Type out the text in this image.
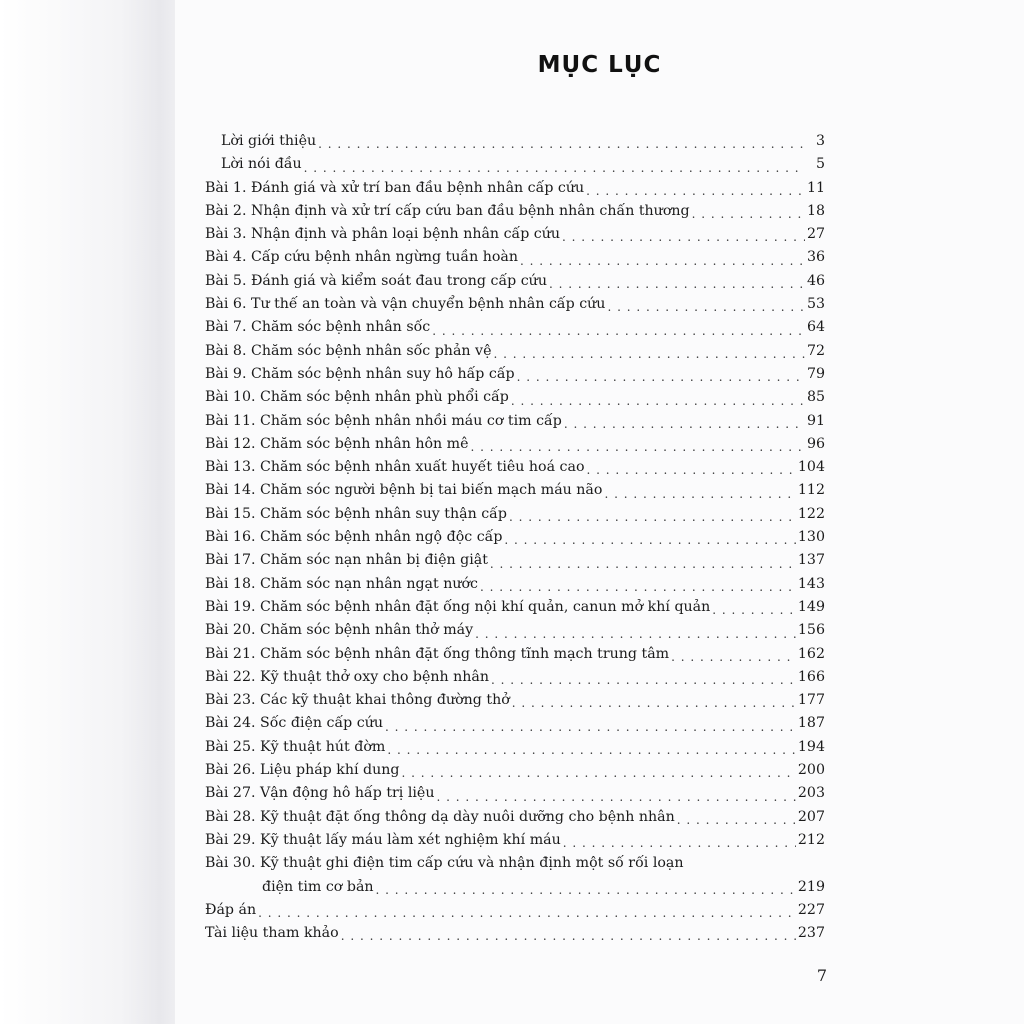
MỤC LỤC
Lời giới thiệu . . .	3
Lời nói đầu . . .	5
Bài 1. Đánh giá và xử trí ban đầu bệnh nhân cấp cứu . . .	11
Bài 2. Nhận định và xử trí cấp cứu ban đầu bệnh nhân chấn thương . . .	18
Bài 3. Nhận định và phân loại bệnh nhân cấp cứu . . .	27
Bài 4. Cấp cứu bệnh nhân ngừng tuần hoàn . . .	36
Bài 5. Đánh giá và kiểm soát đau trong cấp cứu . . .	46
Bài 6. Tư thế an toàn và vận chuyển bệnh nhân cấp cứu . . .	53
Bài 7. Chăm sóc bệnh nhân sốc . . .	64
Bài 8. Chăm sóc bệnh nhân sốc phản vệ . . .	72
Bài 9. Chăm sóc bệnh nhân suy hô hấp cấp . . .	79
Bài 10. Chăm sóc bệnh nhân phù phổi cấp . . .	85
Bài 11. Chăm sóc bệnh nhân nhồi máu cơ tim cấp . . .	91
Bài 12. Chăm sóc bệnh nhân hôn mê . . .	96
Bài 13. Chăm sóc bệnh nhân xuất huyết tiêu hoá cao . . .	104
Bài 14. Chăm sóc người bệnh bị tai biến mạch máu não . . .	112
Bài 15. Chăm sóc bệnh nhân suy thận cấp . . .	122
Bài 16. Chăm sóc bệnh nhân ngộ độc cấp . . .	130
Bài 17. Chăm sóc nạn nhân bị điện giật . . .	137
Bài 18. Chăm sóc nạn nhân ngạt nước . . .	143
Bài 19. Chăm sóc bệnh nhân đặt ống nội khí quản, canun mở khí quản . . .	149
Bài 20. Chăm sóc bệnh nhân thở máy . . .	156
Bài 21. Chăm sóc bệnh nhân đặt ống thông tĩnh mạch trung tâm . . .	162
Bài 22. Kỹ thuật thở oxy cho bệnh nhân . . .	166
Bài 23. Các kỹ thuật khai thông đường thở . . .	177
Bài 24. Sốc điện cấp cứu . . .	187
Bài 25. Kỹ thuật hút đờm . . .	194
Bài 26. Liệu pháp khí dung . . .	200
Bài 27. Vận động hô hấp trị liệu . . .	203
Bài 28. Kỹ thuật đặt ống thông dạ dày nuôi dưỡng cho bệnh nhân . . .	207
Bài 29. Kỹ thuật lấy máu làm xét nghiệm khí máu . . .	212
Bài 30. Kỹ thuật ghi điện tim cấp cứu và nhận định một số rối loạn
điện tim cơ bản . . .	219
Đáp án . . .	227
Tài liệu tham khảo . . .	237
7
